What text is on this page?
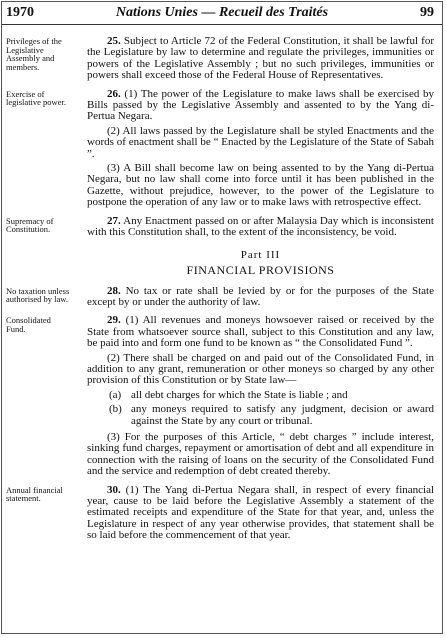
1970	Nations Unies — Recueil des Traités	99
Privileges of the Legislative Assembly and members.

25. Subject to Article 72 of the Federal Constitution, it shall be lawful for the Legislature by law to determine and regulate the privileges, immunities or powers of the Legislative Assembly ; but no such privileges, immunities or powers shall exceed those of the Federal House of Representatives.

Exercise of legislative power.

26. (1) The power of the Legislature to make laws shall be exercised by Bills passed by the Legislative Assembly and assented to by the Yang di-Pertua Negara.

(2) All laws passed by the Legislature shall be styled Enactments and the words of enactment shall be “ Enacted by the Legislature of the State of Sabah ”.

(3) A Bill shall become law on being assented to by the Yang di-Pertua Negara, but no law shall come into force until it has been published in the Gazette, without prejudice, however, to the power of the Legislature to postpone the operation of any law or to make laws with retrospective effect.

Supremacy of Constitution.

27. Any Enactment passed on or after Malaysia Day which is inconsistent with this Constitution shall, to the extent of the inconsistency, be void.

Part III
FINANCIAL PROVISIONS
No taxation unless authorised by law.

28. No tax or rate shall be levied by or for the purposes of the State except by or under the authority of law.

Consolidated Fund.

29. (1) All revenues and moneys howsoever raised or received by the State from whatsoever source shall, subject to this Constitution and any law, be paid into and form one fund to be known as “ the Consolidated Fund ”.

(2) There shall be charged on and paid out of the Consolidated Fund, in addition to any grant, remuneration or other moneys so charged by any other provision of this Constitution or by State law—

(a) all debt charges for which the State is liable ; and
(b) any moneys required to satisfy any judgment, decision or award against the State by any court or tribunal.

(3) For the purposes of this Article, “ debt charges ” include interest, sinking fund charges, repayment or amortisation of debt and all expenditure in connection with the raising of loans on the security of the Consolidated Fund and the service and redemption of debt created thereby.

Annual financial statement.

30. (1) The Yang di-Pertua Negara shall, in respect of every financial year, cause to be laid before the Legislative Assembly a statement of the estimated receipts and expenditure of the State for that year, and, unless the Legislature in respect of any year otherwise provides, that statement shall be so laid before the commencement of that year.
